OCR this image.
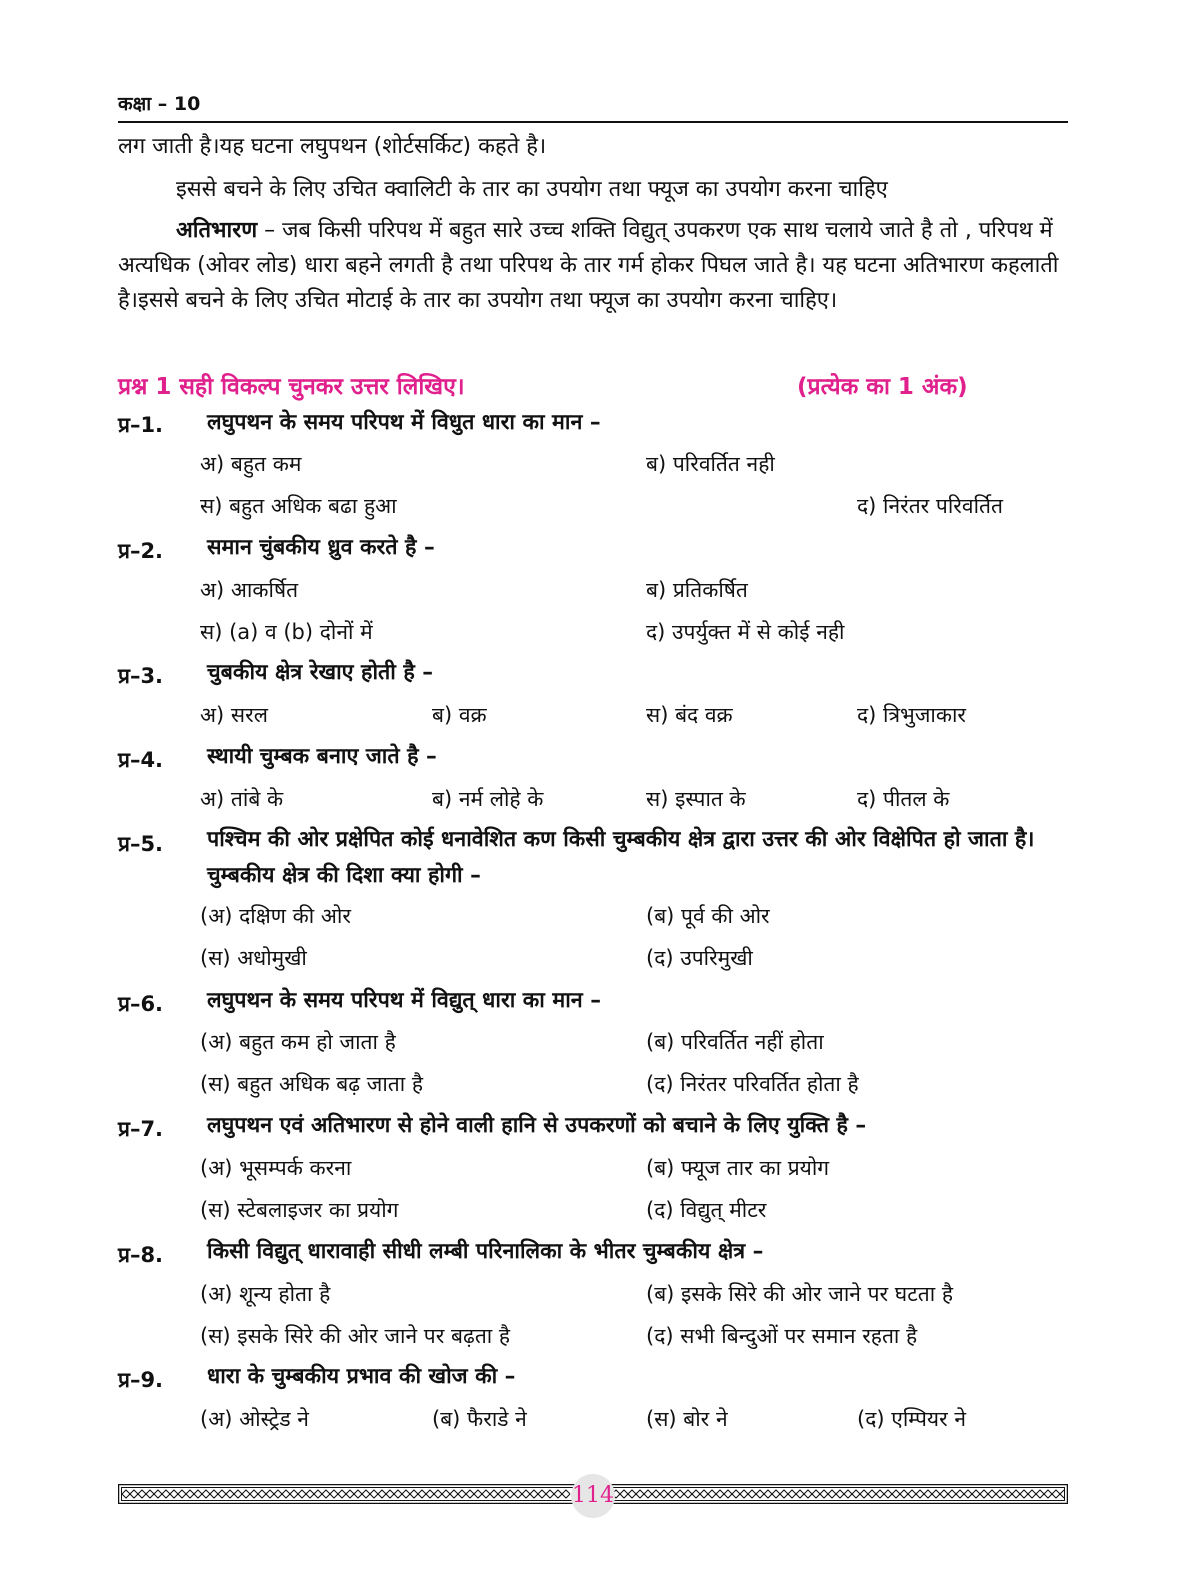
कक्षा – 10
लग जाती है।यह घटना लघुपथन (शोर्टसर्किट) कहते है।
इससे बचने के लिए उचित क्वालिटी के तार का उपयोग तथा फ्यूज का उपयोग करना चाहिए
अतिभारण – जब किसी परिपथ में बहुत सारे उच्च शक्ति विद्युत् उपकरण एक साथ चलाये जाते है तो , परिपथ में अत्यधिक (ओवर लोड) धारा बहने लगती है तथा परिपथ के तार गर्म होकर पिघल जाते है। यह घटना अतिभारण कहलाती है।इससे बचने के लिए उचित मोटाई के तार का उपयोग तथा फ्यूज का उपयोग करना चाहिए।
प्रश्न 1 सही विकल्प चुनकर उत्तर लिखिए।	(प्रत्येक का 1 अंक)
प्र–1. लघुपथन के समय परिपथ में विधुत धारा का मान –
अ) बहुत कम	ब) परिवर्तित नही
स) बहुत अधिक बढा हुआ	द) निरंतर परिवर्तित
प्र–2. समान चुंबकीय ध्रुव करते है –
अ) आकर्षित	ब) प्रतिकर्षित
स) (a) व (b) दोनों में	द) उपर्युक्त में से कोई नही
प्र–3. चुबकीय क्षेत्र रेखाए होती है –
अ) सरल	ब) वक्र	स) बंद वक्र	द) त्रिभुजाकार
प्र–4. स्थायी चुम्बक बनाए जाते है –
अ) तांबे के	ब) नर्म लोहे के	स) इस्पात के	द) पीतल के
प्र–5. पश्चिम की ओर प्रक्षेपित कोई धनावेशित कण किसी चुम्बकीय क्षेत्र द्वारा उत्तर की ओर विक्षेपित हो जाता है। चुम्बकीय क्षेत्र की दिशा क्या होगी –
(अ) दक्षिण की ओर	(ब) पूर्व की ओर
(स) अधोमुखी	(द) उपरिमुखी
प्र–6. लघुपथन के समय परिपथ में विद्युत् धारा का मान –
(अ) बहुत कम हो जाता है	(ब) परिवर्तित नहीं होता
(स) बहुत अधिक बढ़ जाता है	(द) निरंतर परिवर्तित होता है
प्र–7. लघुपथन एवं अतिभारण से होने वाली हानि से उपकरणों को बचाने के लिए युक्ति है –
(अ) भूसम्पर्क करना	(ब) फ्यूज तार का प्रयोग
(स) स्टेबलाइजर का प्रयोग	(द) विद्युत् मीटर
प्र–8. किसी विद्युत् धारावाही सीधी लम्बी परिनालिका के भीतर चुम्बकीय क्षेत्र –
(अ) शून्य होता है	(ब) इसके सिरे की ओर जाने पर घटता है
(स) इसके सिरे की ओर जाने पर बढ़ता है	(द) सभी बिन्दुओं पर समान रहता है
प्र–9. धारा के चुम्बकीय प्रभाव की खोज की –
(अ) ओस्ट्रेड ने	(ब) फैराडे ने	(स) बोर ने	(द) एम्पियर ने
114
